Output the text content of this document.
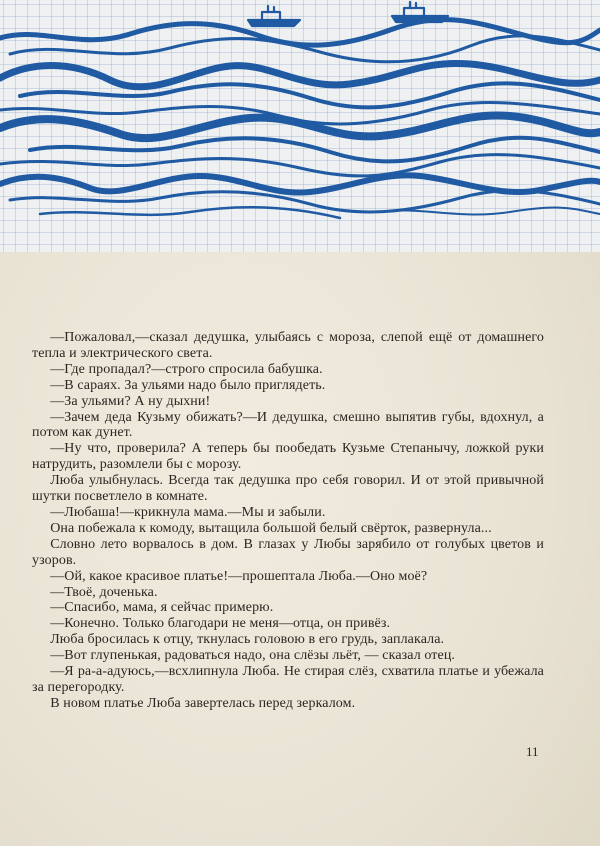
—Пожаловал,—сказал дедушка, улыбаясь с мороза, слепой ещё от домашнего тепла и электрического света.

—Где пропадал?—строго спросила бабушка.

—В сараях. За ульями надо было приглядеть.

—За ульями? А ну дыхни!

—Зачем деда Кузьму обижать?—И дедушка, смешно выпятив губы, вдохнул, а потом как дунет.

—Ну что, проверила? А теперь бы пообедать Кузьме Степанычу, ложкой руки натрудить, разомлели бы с морозу.

Люба улыбнулась. Всегда так дедушка про себя говорил. И от этой привычной шутки посветлело в комнате.

—Любаша!—крикнула мама.—Мы и забыли.

Она побежала к комоду, вытащила большой белый свёрток, развернула...

Словно лето ворвалось в дом. В глазах у Любы зарябило от голубых цветов и узоров.

—Ой, какое красивое платье!—прошептала Люба.—Оно моё?

—Твоё, доченька.

—Спасибо, мама, я сейчас примерю.

—Конечно. Только благодари не меня—отца, он привёз.

Люба бросилась к отцу, ткнулась головою в его грудь, заплакала.

—Вот глупенькая, радоваться надо, она слёзы льёт, — сказал отец.

—Я ра-а-адуюсь,—всхлипнула Люба. Не стирая слёз, схватила платье и убежала за перегородку.

В новом платье Люба завертелась перед зеркалом.

11
